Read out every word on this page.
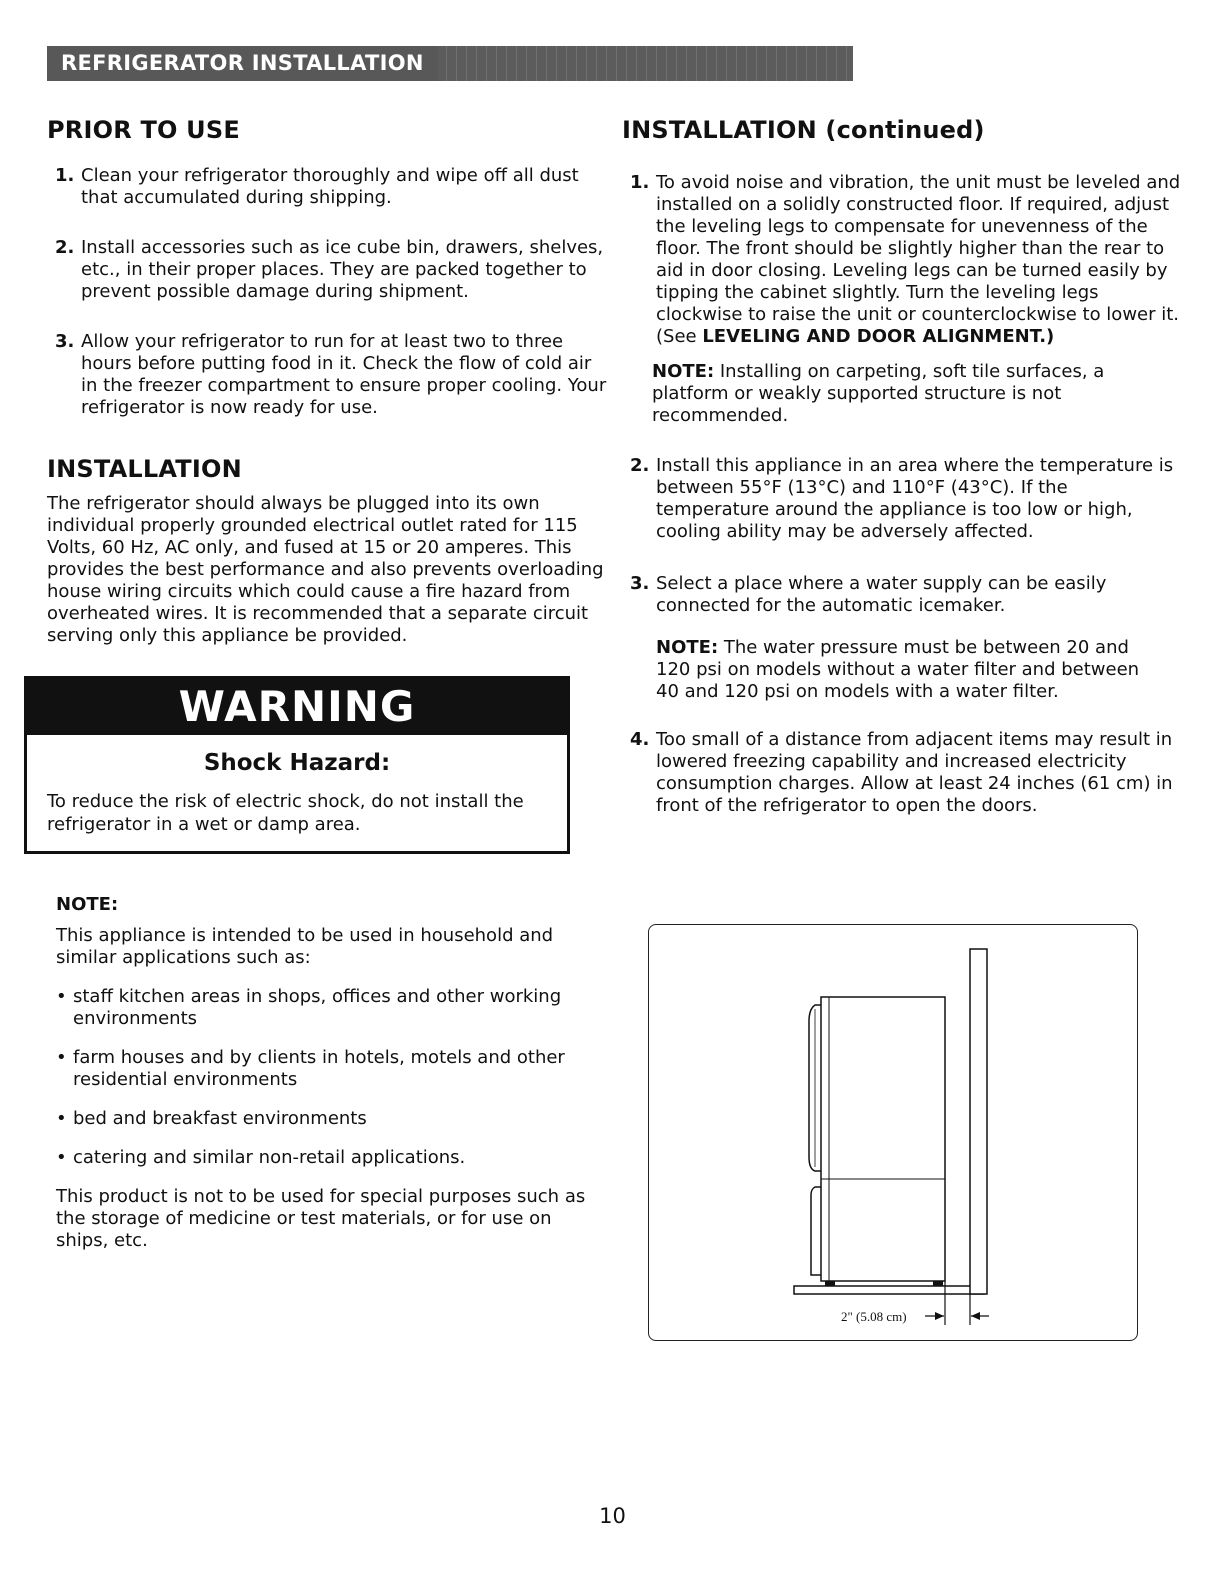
REFRIGERATOR INSTALLATION
PRIOR TO USE
1. Clean your refrigerator thoroughly and wipe off all dust that accumulated during shipping.
2. Install accessories such as ice cube bin, drawers, shelves, etc., in their proper places. They are packed together to prevent possible damage during shipment.
3. Allow your refrigerator to run for at least two to three hours before putting food in it. Check the flow of cold air in the freezer compartment to ensure proper cooling. Your refrigerator is now ready for use.
INSTALLATION

The refrigerator should always be plugged into its own individual properly grounded electrical outlet rated for 115 Volts, 60 Hz, AC only, and fused at 15 or 20 amperes. This provides the best performance and also prevents overloading house wiring circuits which could cause a fire hazard from overheated wires. It is recommended that a separate circuit serving only this appliance be provided.

WARNING
Shock Hazard:
To reduce the risk of electric shock, do not install the refrigerator in a wet or damp area.
NOTE:

This appliance is intended to be used in household and similar applications such as:

• staff kitchen areas in shops, offices and other working environments
• farm houses and by clients in hotels, motels and other residential environments
• bed and breakfast environments
• catering and similar non-retail applications.

This product is not to be used for special purposes such as the storage of medicine or test materials, or for use on ships, etc.

INSTALLATION (continued)
1. To avoid noise and vibration, the unit must be leveled and installed on a solidly constructed floor. If required, adjust the leveling legs to compensate for unevenness of the floor. The front should be slightly higher than the rear to aid in door closing. Leveling legs can be turned easily by tipping the cabinet slightly. Turn the leveling legs clockwise to raise the unit or counterclockwise to lower it. (See LEVELING AND DOOR ALIGNMENT.)

NOTE: Installing on carpeting, soft tile surfaces, a platform or weakly supported structure is not recommended.

2. Install this appliance in an area where the temperature is between 55°F (13°C) and 110°F (43°C). If the temperature around the appliance is too low or high, cooling ability may be adversely affected.
3. Select a place where a water supply can be easily connected for the automatic icemaker.

NOTE: The water pressure must be between 20 and 120 psi on models without a water filter and between 40 and 120 psi on models with a water filter.

4. Too small of a distance from adjacent items may result in lowered freezing capability and increased electricity consumption charges. Allow at least 24 inches (61 cm) in front of the refrigerator to open the doors.
2" (5.08 cm)
10
